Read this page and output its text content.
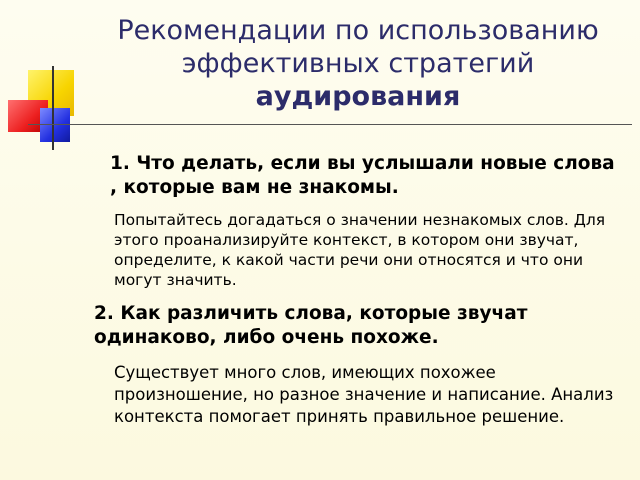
Рекомендации по использованию
эффективных стратегий
аудирования

1. Что делать, если вы услышали новые слова , которые вам не знакомы.

Попытайтесь догадаться о значении незнакомых слов. Для этого проанализируйте контекст, в котором они звучат, определите, к какой части речи они относятся и что они могут значить.

2. Как различить слова, которые звучат одинаково, либо очень похоже.

Существует много слов, имеющих похожее произношение, но разное значение и написание. Анализ контекста помогает принять правильное решение.
